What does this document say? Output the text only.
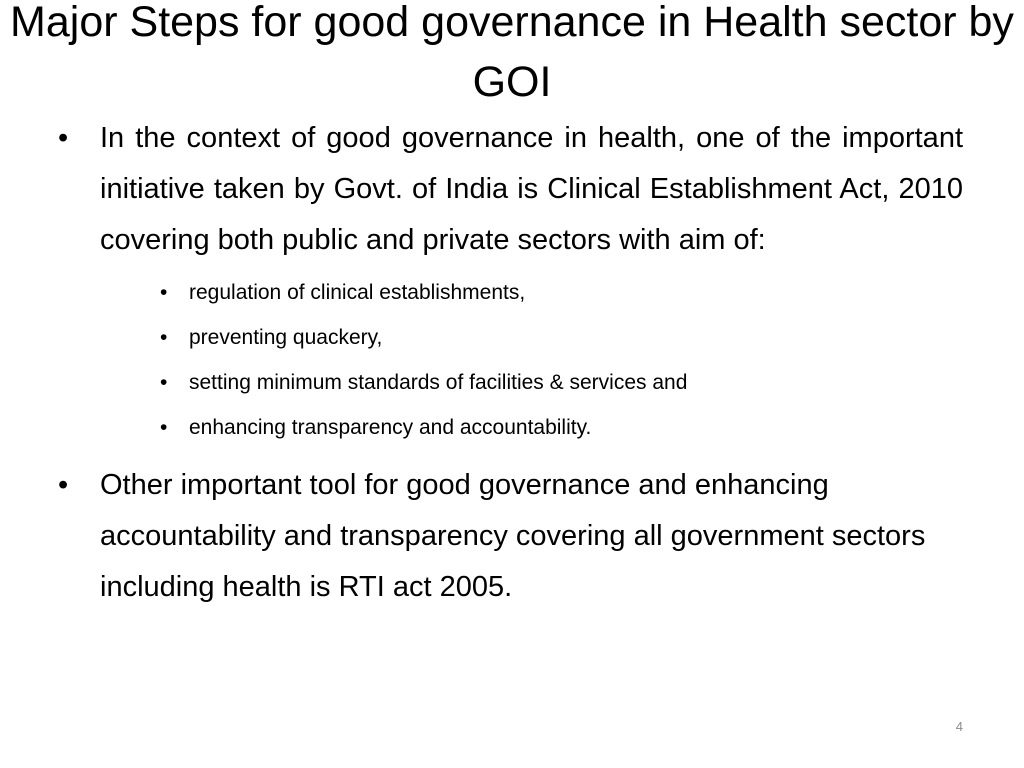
Major Steps for good governance in Health sector by GOI
• In the context of good governance in health, one of the important initiative taken by Govt. of India is Clinical Establishment Act, 2010 covering both public and private sectors with aim of:
• regulation of clinical establishments,
• preventing quackery,
• setting minimum standards of facilities & services and
• enhancing transparency and accountability.
• Other important tool for good governance and enhancing accountability and transparency covering all government sectors including health is RTI act 2005.
4
